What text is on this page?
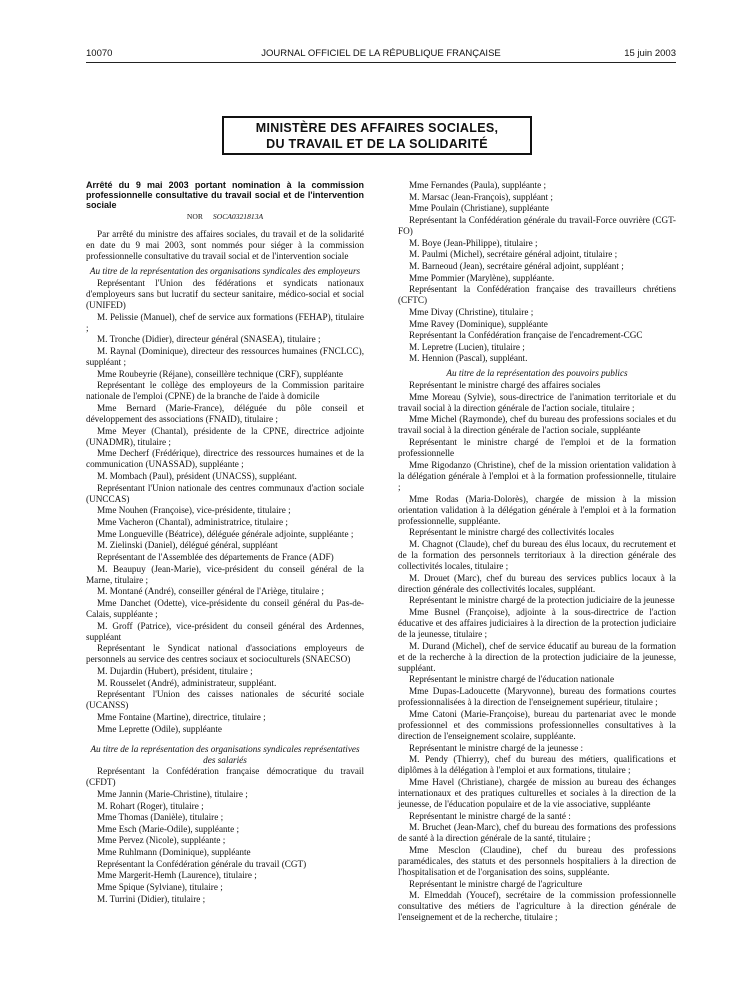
10070	JOURNAL OFFICIEL DE LA RÉPUBLIQUE FRANÇAISE	15 juin 2003
MINISTÈRE DES AFFAIRES SOCIALES,
DU TRAVAIL ET DE LA SOLIDARITÉ

Arrêté du 9 mai 2003 portant nomination à la commission professionnelle consultative du travail social et de l'intervention sociale

NOR SOCA0321813A

Par arrêté du ministre des affaires sociales, du travail et de la solidarité en date du 9 mai 2003, sont nommés pour siéger à la commission professionnelle consultative du travail social et de l'intervention sociale

Au titre de la représentation des organisations syndicales des employeurs

Représentant l'Union des fédérations et syndicats nationaux d'employeurs sans but lucratif du secteur sanitaire, médico-social et social (UNIFED)

M. Pelissie (Manuel), chef de service aux formations (FEHAP), titulaire ;

M. Tronche (Didier), directeur général (SNASEA), titulaire ;

M. Raynal (Dominique), directeur des ressources humaines (FNCLCC), suppléant ;

Mme Roubeyrie (Réjane), conseillère technique (CRF), suppléante

Représentant le collège des employeurs de la Commission paritaire nationale de l'emploi (CPNE) de la branche de l'aide à domicile

Mme Bernard (Marie-France), déléguée du pôle conseil et développement des associations (FNAID), titulaire ;

Mme Meyer (Chantal), présidente de la CPNE, directrice adjointe (UNADMR), titulaire ;

Mme Decherf (Frédérique), directrice des ressources humaines et de la communication (UNASSAD), suppléante ;

M. Mombach (Paul), président (UNACSS), suppléant.

Représentant l'Union nationale des centres communaux d'action sociale (UNCCAS)

Mme Nouhen (Françoise), vice-présidente, titulaire ;

Mme Vacheron (Chantal), administratrice, titulaire ;

Mme Longueville (Béatrice), déléguée générale adjointe, suppléante ;

M. Zielinski (Daniel), délégué général, suppléant

Représentant de l'Assemblée des départements de France (ADF)

M. Beaupuy (Jean-Marie), vice-président du conseil général de la Marne, titulaire ;

M. Montané (André), conseiller général de l'Ariège, titulaire ;

Mme Danchet (Odette), vice-présidente du conseil général du Pas-de-Calais, suppléante ;

M. Groff (Patrice), vice-président du conseil général des Ardennes, suppléant

Représentant le Syndicat national d'associations employeurs de personnels au service des centres sociaux et socioculturels (SNAECSO)

M. Dujardin (Hubert), président, titulaire ;

M. Rousselet (André), administrateur, suppléant.

Représentant l'Union des caisses nationales de sécurité sociale (UCANSS)

Mme Fontaine (Martine), directrice, titulaire ;

Mme Leprette (Odile), suppléante

Au titre de la représentation des organisations syndicales représentatives des salariés

Représentant la Confédération française démocratique du travail (CFDT)

Mme Jannin (Marie-Christine), titulaire ;

M. Rohart (Roger), titulaire ;

Mme Thomas (Danièle), titulaire ;

Mme Esch (Marie-Odile), suppléante ;

Mme Pervez (Nicole), suppléante ;

Mme Ruhlmann (Dominique), suppléante

Représentant la Confédération générale du travail (CGT)

Mme Margerit-Hemh (Laurence), titulaire ;

Mme Spique (Sylviane), titulaire ;

M. Turrini (Didier), titulaire ;

Mme Fernandes (Paula), suppléante ;

M. Marsac (Jean-François), suppléant ;

Mme Poulain (Christiane), suppléante

Représentant la Confédération générale du travail-Force ouvrière (CGT-FO)

M. Boye (Jean-Philippe), titulaire ;

M. Paulmi (Michel), secrétaire général adjoint, titulaire ;

M. Barneoud (Jean), secrétaire général adjoint, suppléant ;

Mme Pommier (Marylène), suppléante.

Représentant la Confédération française des travailleurs chrétiens (CFTC)

Mme Divay (Christine), titulaire ;

Mme Ravey (Dominique), suppléante

Représentant la Confédération française de l'encadrement-CGC

M. Lepretre (Lucien), titulaire ;

M. Hennion (Pascal), suppléant.

Au titre de la représentation des pouvoirs publics

Représentant le ministre chargé des affaires sociales

Mme Moreau (Sylvie), sous-directrice de l'animation territoriale et du travail social à la direction générale de l'action sociale, titulaire ;

Mme Michel (Raymonde), chef du bureau des professions sociales et du travail social à la direction générale de l'action sociale, suppléante

Représentant le ministre chargé de l'emploi et de la formation professionnelle

Mme Rigodanzo (Christine), chef de la mission orientation validation à la délégation générale à l'emploi et à la formation professionnelle, titulaire ;

Mme Rodas (Maria-Dolorès), chargée de mission à la mission orientation validation à la délégation générale à l'emploi et à la formation professionnelle, suppléante.

Représentant le ministre chargé des collectivités locales

M. Chagnot (Claude), chef du bureau des élus locaux, du recrutement et de la formation des personnels territoriaux à la direction générale des collectivités locales, titulaire ;

M. Drouet (Marc), chef du bureau des services publics locaux à la direction générale des collectivités locales, suppléant.

Représentant le ministre chargé de la protection judiciaire de la jeunesse

Mme Busnel (Françoise), adjointe à la sous-directrice de l'action éducative et des affaires judiciaires à la direction de la protection judiciaire de la jeunesse, titulaire ;

M. Durand (Michel), chef de service éducatif au bureau de la formation et de la recherche à la direction de la protection judiciaire de la jeunesse, suppléant.

Représentant le ministre chargé de l'éducation nationale

Mme Dupas-Ladoucette (Maryvonne), bureau des formations courtes professionnalisées à la direction de l'enseignement supérieur, titulaire ;

Mme Catoni (Marie-Françoise), bureau du partenariat avec le monde professionnel et des commissions professionnelles consultatives à la direction de l'enseignement scolaire, suppléante.

Représentant le ministre chargé de la jeunesse :

M. Pendy (Thierry), chef du bureau des métiers, qualifications et diplômes à la délégation à l'emploi et aux formations, titulaire ;

Mme Havel (Christiane), chargée de mission au bureau des échanges internationaux et des pratiques culturelles et sociales à la direction de la jeunesse, de l'éducation populaire et de la vie associative, suppléante

Représentant le ministre chargé de la santé :

M. Bruchet (Jean-Marc), chef du bureau des formations des professions de santé à la direction générale de la santé, titulaire ;

Mme Mesclon (Claudine), chef du bureau des professions paramédicales, des statuts et des personnels hospitaliers à la direction de l'hospitalisation et de l'organisation des soins, suppléante.

Représentant le ministre chargé de l'agriculture

M. Elmeddah (Youcef), secrétaire de la commission professionnelle consultative des métiers de l'agriculture à la direction générale de l'enseignement et de la recherche, titulaire ;
